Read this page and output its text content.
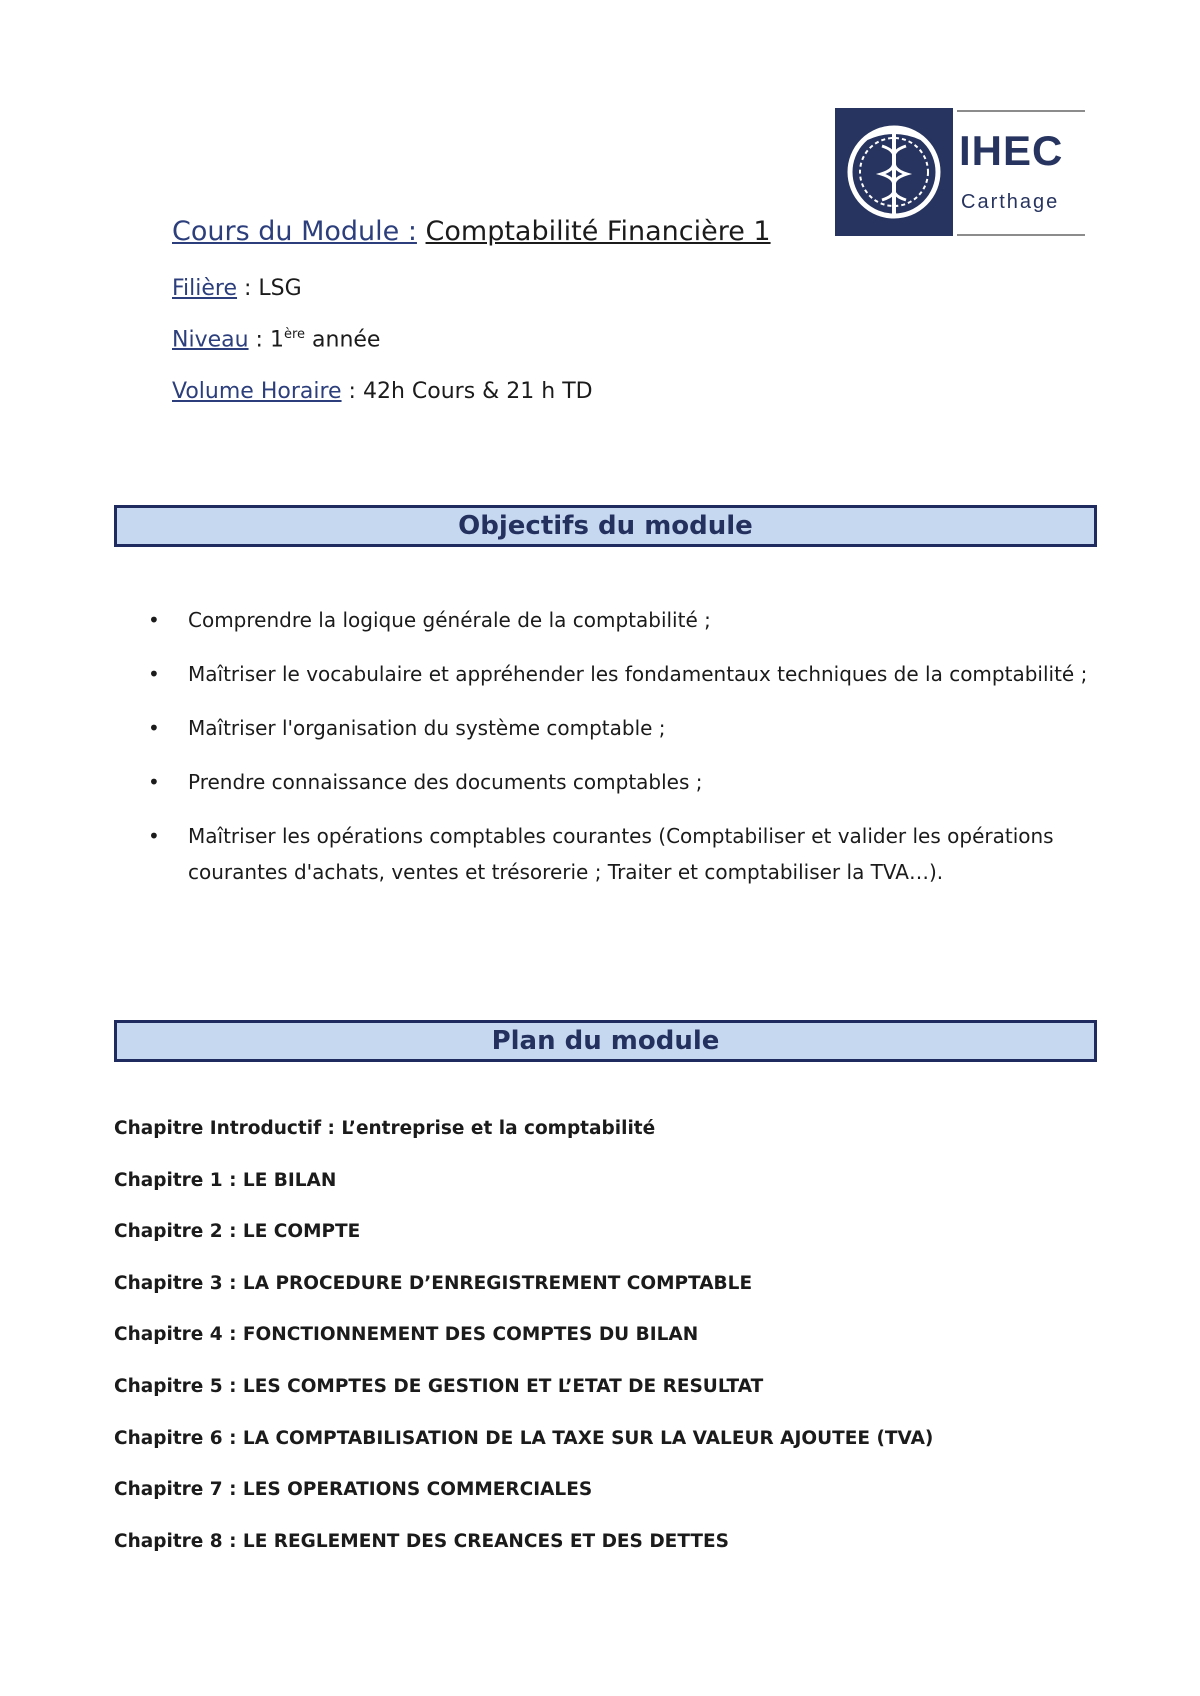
IHEC
Carthage
Cours du Module : Comptabilité Financière 1
Filière : LSG
Niveau : 1ère année
Volume Horaire : 42h Cours & 21 h TD
Objectifs du module
• Comprendre la logique générale de la comptabilité ;
• Maîtriser le vocabulaire et appréhender les fondamentaux techniques de la comptabilité ;
• Maîtriser l'organisation du système comptable ;
• Prendre connaissance des documents comptables ;
• Maîtriser les opérations comptables courantes (Comptabiliser et valider les opérations courantes d'achats, ventes et trésorerie ; Traiter et comptabiliser la TVA…).
Plan du module
Chapitre Introductif : L’entreprise et la comptabilité
Chapitre 1 : LE BILAN
Chapitre 2 : LE COMPTE
Chapitre 3 : LA PROCEDURE D’ENREGISTREMENT COMPTABLE
Chapitre 4 : FONCTIONNEMENT DES COMPTES DU BILAN
Chapitre 5 : LES COMPTES DE GESTION ET L’ETAT DE RESULTAT
Chapitre 6 : LA COMPTABILISATION DE LA TAXE SUR LA VALEUR AJOUTEE (TVA)
Chapitre 7 : LES OPERATIONS COMMERCIALES
Chapitre 8 : LE REGLEMENT DES CREANCES ET DES DETTES
